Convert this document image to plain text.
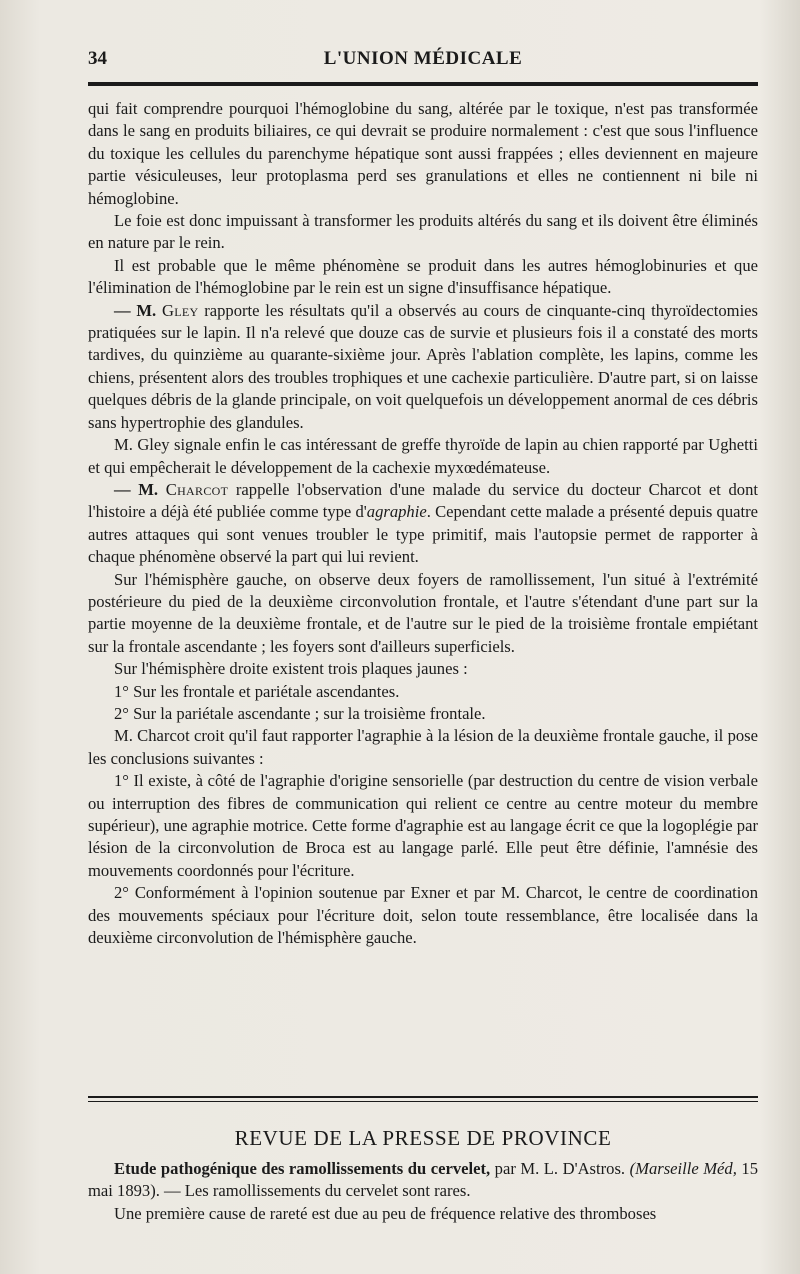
34	L'UNION MÉDICALE

qui fait comprendre pourquoi l'hémoglobine du sang, altérée par le toxique, n'est pas transformée dans le sang en produits biliaires, ce qui devrait se produire normalement : c'est que sous l'influence du toxique les cellules du parenchyme hépatique sont aussi frappées ; elles deviennent en majeure partie vésiculeuses, leur protoplasma perd ses granulations et elles ne contiennent ni bile ni hémoglobine.

Le foie est donc impuissant à transformer les produits altérés du sang et ils doivent être éliminés en nature par le rein.

Il est probable que le même phénomène se produit dans les autres hémoglobinuries et que l'élimination de l'hémoglobine par le rein est un signe d'insuffisance hépatique.

— M. Gley rapporte les résultats qu'il a observés au cours de cinquante-cinq thyroïdectomies pratiquées sur le lapin. Il n'a relevé que douze cas de survie et plusieurs fois il a constaté des morts tardives, du quinzième au quarante-sixième jour. Après l'ablation complète, les lapins, comme les chiens, présentent alors des troubles trophiques et une cachexie particulière. D'autre part, si on laisse quelques débris de la glande principale, on voit quelquefois un développement anormal de ces débris sans hypertrophie des glandules.

M. Gley signale enfin le cas intéressant de greffe thyroïde de lapin au chien rapporté par Ughetti et qui empêcherait le développement de la cachexie myxœdémateuse.

— M. Charcot rappelle l'observation d'une malade du service du docteur Charcot et dont l'histoire a déjà été publiée comme type d'agraphie. Cependant cette malade a présenté depuis quatre autres attaques qui sont venues troubler le type primitif, mais l'autopsie permet de rapporter à chaque phénomène observé la part qui lui revient.

Sur l'hémisphère gauche, on observe deux foyers de ramollissement, l'un situé à l'extrémité postérieure du pied de la deuxième circonvolution frontale, et l'autre s'étendant d'une part sur la partie moyenne de la deuxième frontale, et de l'autre sur le pied de la troisième frontale empiétant sur la frontale ascendante ; les foyers sont d'ailleurs superficiels.

Sur l'hémisphère droite existent trois plaques jaunes :

1° Sur les frontale et pariétale ascendantes.

2° Sur la pariétale ascendante ; sur la troisième frontale.

M. Charcot croit qu'il faut rapporter l'agraphie à la lésion de la deuxième frontale gauche, il pose les conclusions suivantes :

1° Il existe, à côté de l'agraphie d'origine sensorielle (par destruction du centre de vision verbale ou interruption des fibres de communication qui relient ce centre au centre moteur du membre supérieur), une agraphie motrice. Cette forme d'agraphie est au langage écrit ce que la logoplégie par lésion de la circonvolution de Broca est au langage parlé. Elle peut être définie, l'amnésie des mouvements coordonnés pour l'écriture.

2° Conformément à l'opinion soutenue par Exner et par M. Charcot, le centre de coordination des mouvements spéciaux pour l'écriture doit, selon toute ressemblance, être localisée dans la deuxième circonvolution de l'hémisphère gauche.

REVUE DE LA PRESSE DE PROVINCE

Etude pathogénique des ramollissements du cervelet, par M. L. D'Astros. (Marseille Méd, 15 mai 1893). — Les ramollissements du cervelet sont rares.

Une première cause de rareté est due au peu de fréquence relative des thromboses
